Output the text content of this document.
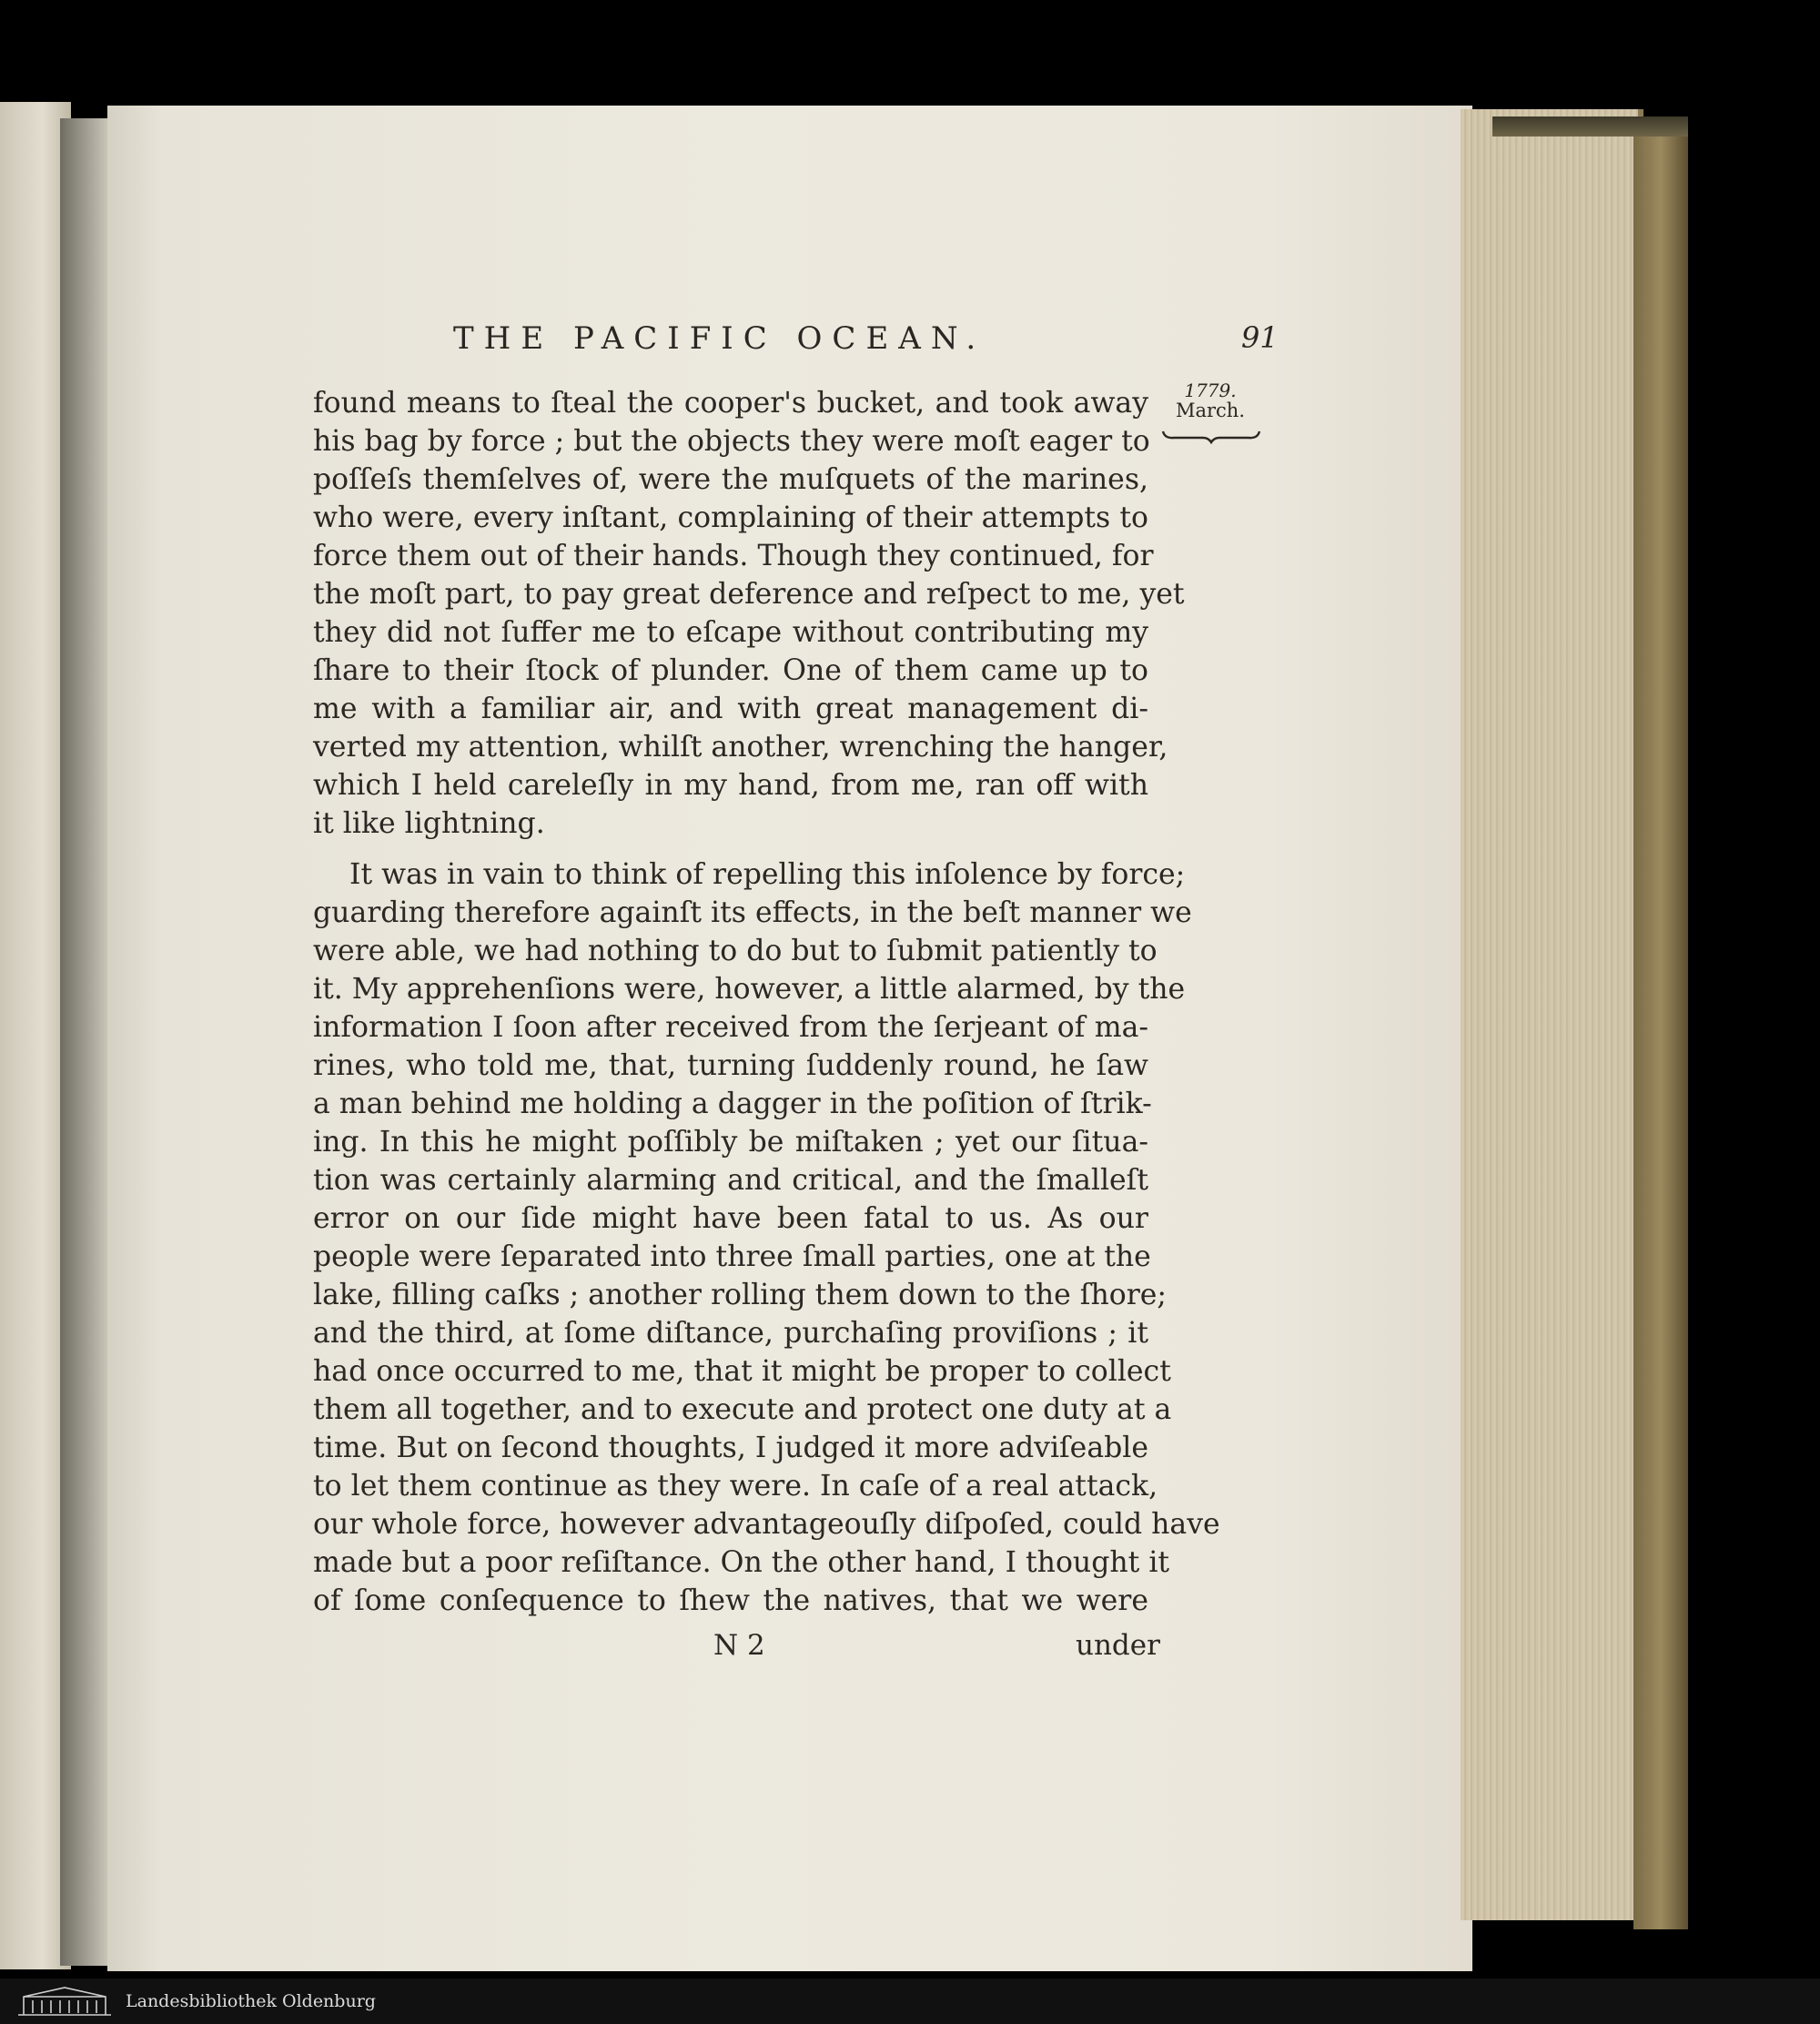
THE PACIFIC OCEAN.	91
1779.
March.
found means to ſteal the cooper's bucket, and took away
his bag by force ; but the objects they were moſt eager to
poſſeſs themſelves of, were the muſquets of the marines,
who were, every inſtant, complaining of their attempts to
force them out of their hands. Though they continued, for
the moſt part, to pay great deference and reſpect to me, yet
they did not ſuffer me to eſcape without contributing my
ſhare to their ſtock of plunder. One of them came up to
me with a familiar air, and with great management di-
verted my attention, whilſt another, wrenching the hanger,
which I held careleſly in my hand, from me, ran off with
it like lightning.
It was in vain to think of repelling this inſolence by force;
guarding therefore againſt its effects, in the beſt manner we
were able, we had nothing to do but to ſubmit patiently to
it. My apprehenſions were, however, a little alarmed, by the
information I ſoon after received from the ſerjeant of ma-
rines, who told me, that, turning ſuddenly round, he ſaw
a man behind me holding a dagger in the poſition of ſtrik-
ing. In this he might poſſibly be miſtaken ; yet our ſitua-
tion was certainly alarming and critical, and the ſmalleſt
error on our ſide might have been fatal to us. As our
people were ſeparated into three ſmall parties, one at the
lake, filling caſks ; another rolling them down to the ſhore;
and the third, at ſome diſtance, purchaſing proviſions ; it
had once occurred to me, that it might be proper to collect
them all together, and to execute and protect one duty at a
time. But on ſecond thoughts, I judged it more adviſeable
to let them continue as they were. In caſe of a real attack,
our whole force, however advantageouſly diſpoſed, could have
made but a poor reſiſtance. On the other hand, I thought it
of ſome conſequence to ſhew the natives, that we were
N 2	under
Landesbibliothek Oldenburg
